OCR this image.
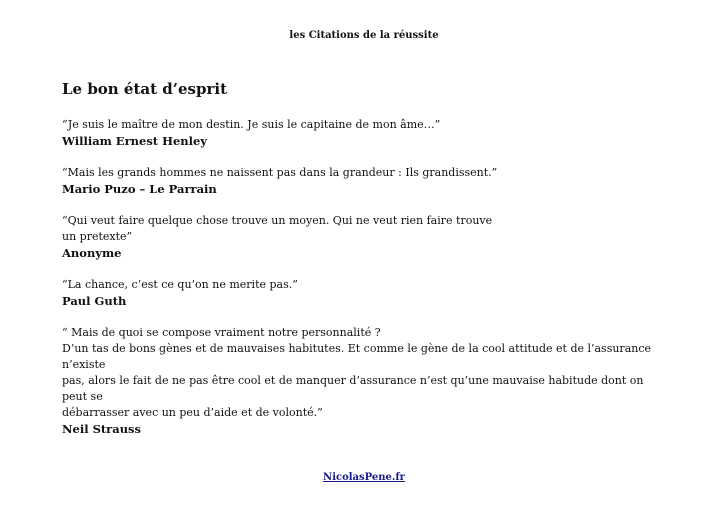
les Citations de la réussite
Le bon état d’esprit
“Je suis le maître de mon destin. Je suis le capitaine de mon âme…”
William Ernest Henley
“Mais les grands hommes ne naissent pas dans la grandeur : Ils grandissent.”
Mario Puzo – Le Parrain
“Qui veut faire quelque chose trouve un moyen. Qui ne veut rien faire trouve
un pretexte”
Anonyme
“La chance, c’est ce qu’on ne merite pas.”
Paul Guth
“ Mais de quoi se compose vraiment notre personnalité ?
D’un tas de bons gènes et de mauvaises habitutes. Et comme le gène de la cool attitude et de l’assurance n’existe
pas, alors le fait de ne pas être cool et de manquer d’assurance n’est qu’une mauvaise habitude dont on peut se
débarrasser avec un peu d’aide et de volonté.”
Neil Strauss
NicolasPene.fr
